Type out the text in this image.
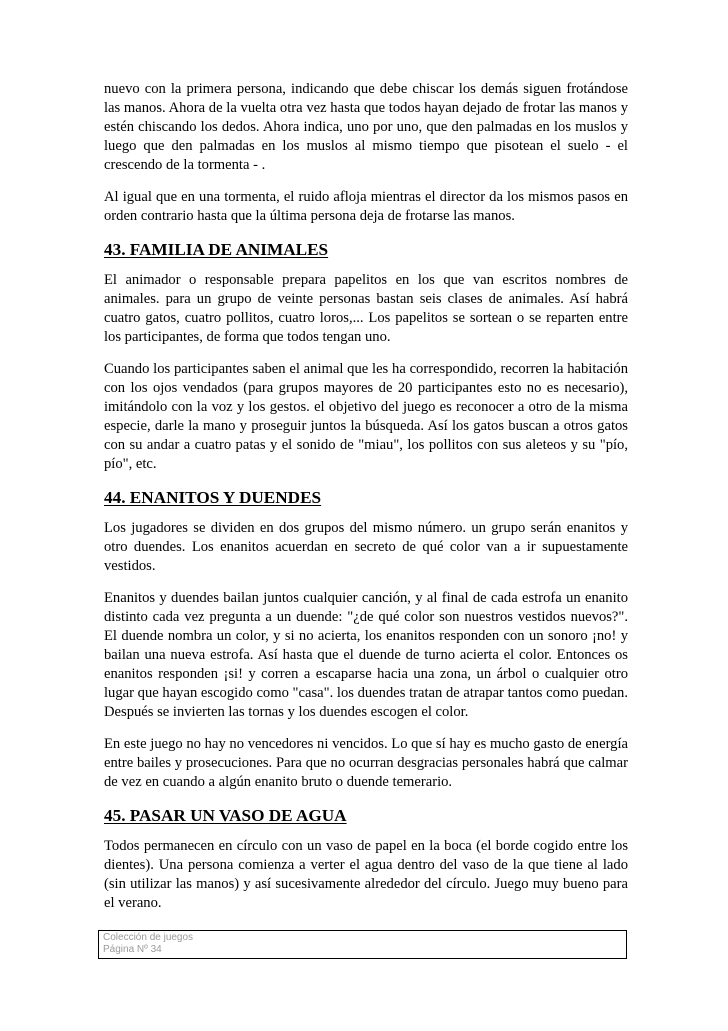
nuevo con la primera persona, indicando que debe chiscar los demás siguen frotándose las manos. Ahora de la vuelta otra vez hasta que todos hayan dejado de frotar las manos y estén chiscando los dedos. Ahora indica, uno por uno, que den palmadas en los muslos y luego que den palmadas en los muslos al mismo tiempo que pisotean el suelo - el crescendo de la tormenta - .

Al igual que en una tormenta, el ruido afloja mientras el director da los mismos pasos en orden contrario hasta que la última persona deja de frotarse las manos.

43. FAMILIA DE ANIMALES

El animador o responsable prepara papelitos en los que van escritos nombres de animales. para un grupo de veinte personas bastan seis clases de animales. Así habrá cuatro gatos, cuatro pollitos, cuatro loros,... Los papelitos se sortean o se reparten entre los participantes, de forma que todos tengan uno.

Cuando los participantes saben el animal que les ha correspondido, recorren la habitación con los ojos vendados (para grupos mayores de 20 participantes esto no es necesario), imitándolo con la voz y los gestos. el objetivo del juego es reconocer a otro de la misma especie, darle la mano y proseguir juntos la búsqueda. Así los gatos buscan a otros gatos con su andar a cuatro patas y el sonido de "miau", los pollitos con sus aleteos y su "pío, pío", etc.

44. ENANITOS Y DUENDES

Los jugadores se dividen en dos grupos del mismo número. un grupo serán enanitos y otro duendes. Los enanitos acuerdan en secreto de qué color van a ir supuestamente vestidos.

Enanitos y duendes bailan juntos cualquier canción, y al final de cada estrofa un enanito distinto cada vez pregunta a un duende: "¿de qué color son nuestros vestidos nuevos?". El duende nombra un color, y si no acierta, los enanitos responden con un sonoro ¡no! y bailan una nueva estrofa. Así hasta que el duende de turno acierta el color. Entonces os enanitos responden ¡si! y corren a escaparse hacia una zona, un árbol o cualquier otro lugar que hayan escogido como "casa". los duendes tratan de atrapar tantos como puedan. Después se invierten las tornas y los duendes escogen el color.

En este juego no hay no vencedores ni vencidos. Lo que sí hay es mucho gasto de energía entre bailes y prosecuciones. Para que no ocurran desgracias personales habrá que calmar de vez en cuando a algún enanito bruto o duende temerario.

45. PASAR UN VASO DE AGUA

Todos permanecen en círculo con un vaso de papel en la boca (el borde cogido entre los dientes). Una persona comienza a verter el agua dentro del vaso de la que tiene al lado (sin utilizar las manos) y así sucesivamente alrededor del círculo. Juego muy bueno para el verano.

Colección de juegos
Página Nº 34
